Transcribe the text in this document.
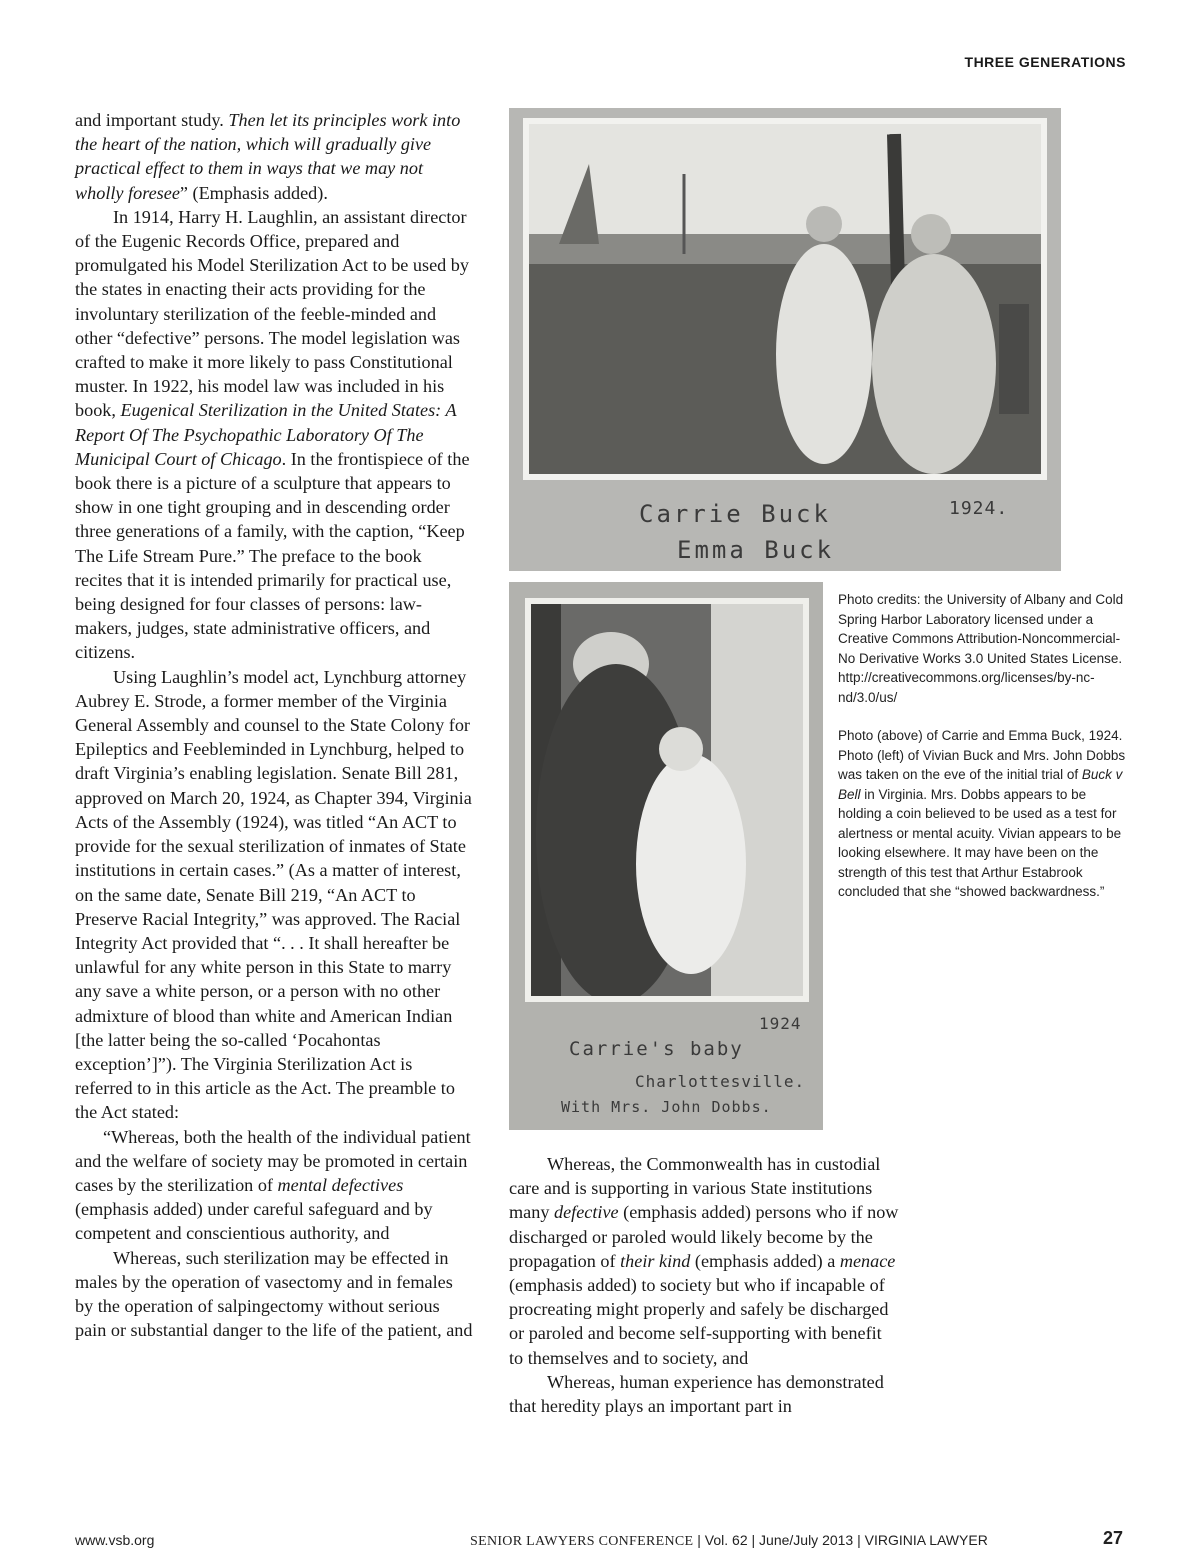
THREE GENERATIONS

and important study. Then let its principles work into the heart of the nation, which will gradually give practical effect to them in ways that we may not wholly foresee” (Emphasis added).

In 1914, Harry H. Laughlin, an assistant director of the Eugenic Records Office, prepared and promulgated his Model Sterilization Act to be used by the states in enacting their acts providing for the involuntary sterilization of the feeble-minded and other “defective” persons. The model legislation was crafted to make it more likely to pass Constitutional muster. In 1922, his model law was included in his book, Eugenical Sterilization in the United States: A Report Of The Psychopathic Laboratory Of The Municipal Court of Chicago. In the frontispiece of the book there is a picture of a sculpture that appears to show in one tight grouping and in descending order three generations of a family, with the caption, “Keep The Life Stream Pure.” The preface to the book recites that it is intended primarily for practical use, being designed for four classes of persons: law-makers, judges, state administrative officers, and citizens.

Using Laughlin’s model act, Lynchburg attorney Aubrey E. Strode, a former member of the Virginia General Assembly and counsel to the State Colony for Epileptics and Feebleminded in Lynchburg, helped to draft Virginia’s enabling legislation. Senate Bill 281, approved on March 20, 1924, as Chapter 394, Virginia Acts of the Assembly (1924), was titled “An ACT to provide for the sexual sterilization of inmates of State institutions in certain cases.” (As a matter of interest, on the same date, Senate Bill 219, “An ACT to Preserve Racial Integrity,” was approved. The Racial Integrity Act provided that “. . . It shall hereafter be unlawful for any white person in this State to marry any save a white person, or a person with no other admixture of blood than white and American Indian [the latter being the so-called ‘Pocahontas exception’]”). The Virginia Sterilization Act is referred to in this article as the Act. The preamble to the Act stated:

“Whereas, both the health of the individual patient and the welfare of society may be promoted in certain cases by the sterilization of mental defectives (emphasis added) under careful safeguard and by competent and conscientious authority, and

Whereas, such sterilization may be effected in males by the operation of vasectomy and in females by the operation of salpingectomy without serious pain or substantial danger to the life of the patient, and

Carrie Buck
Emma Buck
1924.
1924
Carrie's baby
Charlottesville.
With Mrs. John Dobbs.

Photo credits: the University of Albany and Cold Spring Harbor Laboratory licensed under a Creative Commons Attribution-Noncommercial-No Derivative Works 3.0 United States License. http://creativecommons.org/licenses/by-nc-nd/3.0/us/

Photo (above) of Carrie and Emma Buck, 1924. Photo (left) of Vivian Buck and Mrs. John Dobbs was taken on the eve of the initial trial of Buck v Bell in Virginia. Mrs. Dobbs appears to be holding a coin believed to be used as a test for alertness or mental acuity. Vivian appears to be looking elsewhere. It may have been on the strength of this test that Arthur Estabrook concluded that she “showed backwardness.”

Whereas, the Commonwealth has in custodial care and is supporting in various State institutions many defective (emphasis added) persons who if now discharged or paroled would likely become by the propagation of their kind (emphasis added) a menace (emphasis added) to society but who if incapable of procreating might properly and safely be discharged or paroled and become self-supporting with benefit to themselves and to society, and

Whereas, human experience has demonstrated that heredity plays an important part in

www.vsb.org	SENIOR LAWYERS CONFERENCE | Vol. 62 | June/July 2013 | VIRGINIA LAWYER	27
